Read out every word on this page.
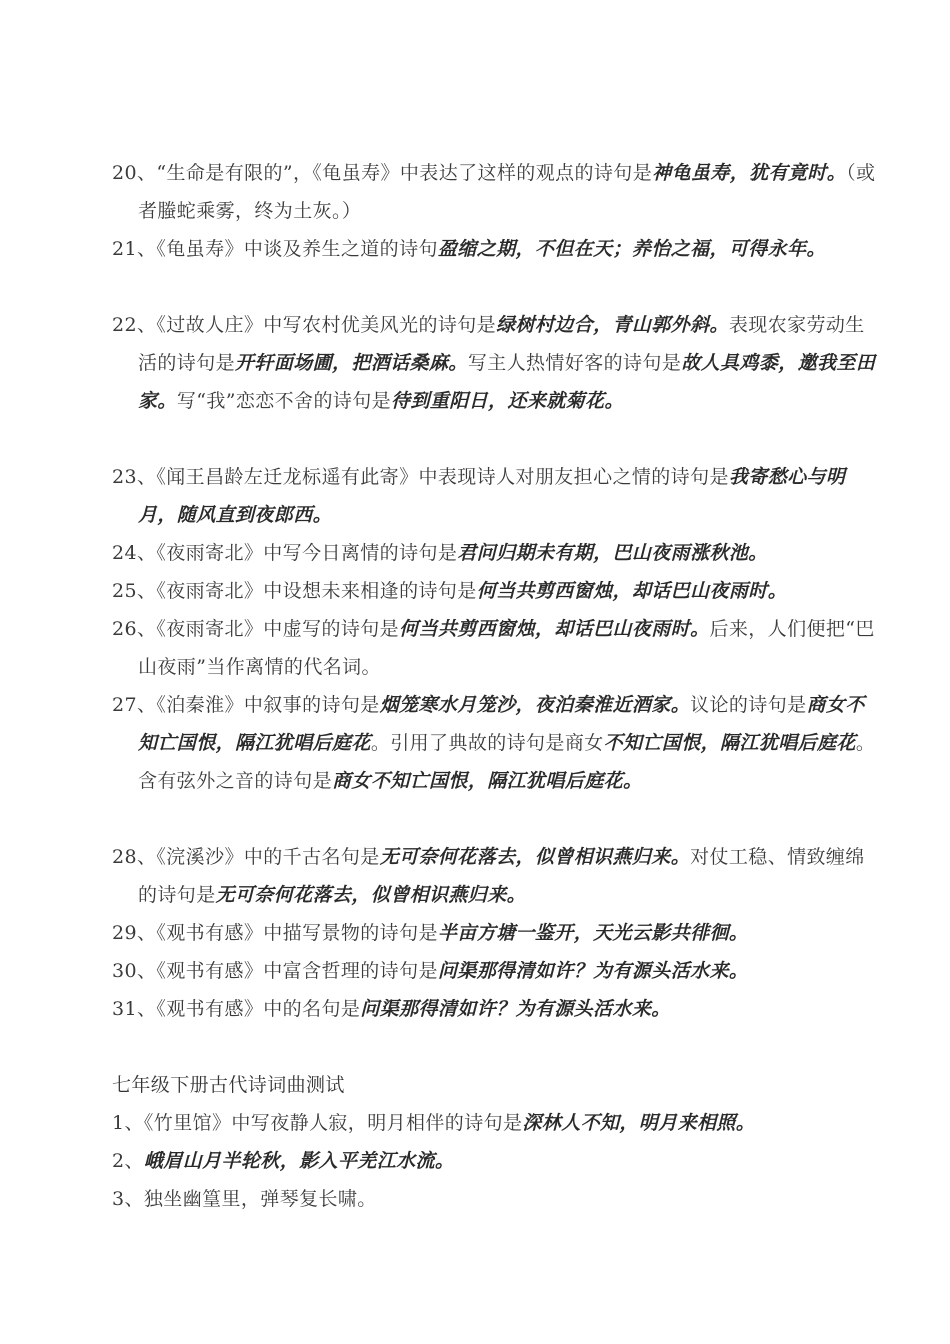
20、“生命是有限的”，《龟虽寿》中表达了这样的观点的诗句是神龟虽寿，犹有竟时。（或者螣蛇乘雾，终为土灰。）
21、《龟虽寿》中谈及养生之道的诗句盈缩之期，不但在天；养怡之福，可得永年。
22、《过故人庄》中写农村优美风光的诗句是绿树村边合，青山郭外斜。表现农家劳动生活的诗句是开轩面场圃，把酒话桑麻。写主人热情好客的诗句是故人具鸡黍，邀我至田家。写“我”恋恋不舍的诗句是待到重阳日，还来就菊花。
23、《闻王昌龄左迁龙标遥有此寄》中表现诗人对朋友担心之情的诗句是我寄愁心与明月，随风直到夜郎西。
24、《夜雨寄北》中写今日离情的诗句是君问归期未有期，巴山夜雨涨秋池。
25、《夜雨寄北》中设想未来相逢的诗句是何当共剪西窗烛，却话巴山夜雨时。
26、《夜雨寄北》中虚写的诗句是何当共剪西窗烛，却话巴山夜雨时。后来，人们便把“巴山夜雨”当作离情的代名词。
27、《泊秦淮》中叙事的诗句是烟笼寒水月笼沙，夜泊秦淮近酒家。议论的诗句是商女不知亡国恨，隔江犹唱后庭花。引用了典故的诗句是商女不知亡国恨，隔江犹唱后庭花。含有弦外之音的诗句是商女不知亡国恨，隔江犹唱后庭花。
28、《浣溪沙》中的千古名句是无可奈何花落去，似曾相识燕归来。对仗工稳、情致缠绵的诗句是无可奈何花落去，似曾相识燕归来。
29、《观书有感》中描写景物的诗句是半亩方塘一鉴开，天光云影共徘徊。
30、《观书有感》中富含哲理的诗句是问渠那得清如许？为有源头活水来。
31、《观书有感》中的名句是问渠那得清如许？为有源头活水来。
七年级下册古代诗词曲测试
1、《竹里馆》中写夜静人寂，明月相伴的诗句是深林人不知，明月来相照。
2、峨眉山月半轮秋，影入平羌江水流。
3、独坐幽篁里，弹琴复长啸。
